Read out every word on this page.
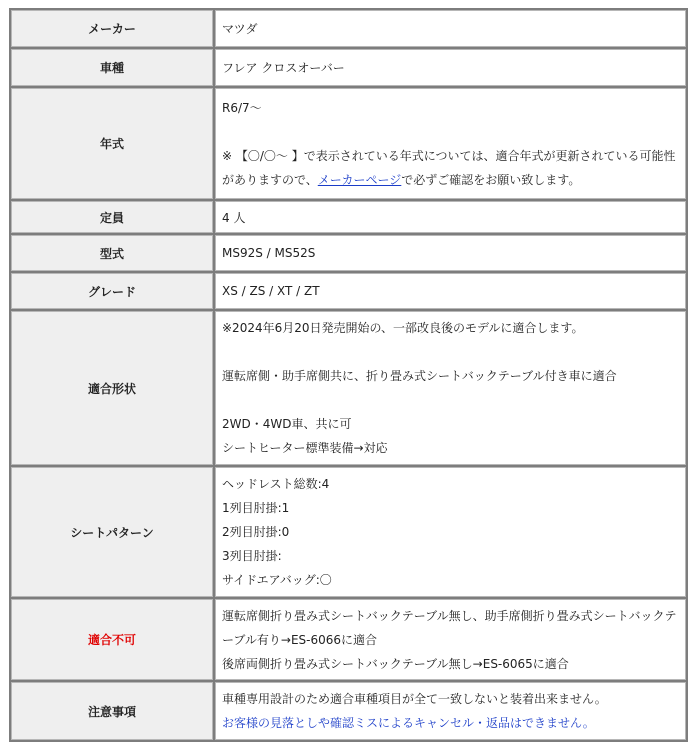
メーカー	マツダ
車種	フレア クロスオーバー
年式	R6/7～
※ 【〇/〇～ 】で表示されている年式については、適合年式が更新されている可能性がありますので、メーカーページで必ずご確認をお願い致します。

定員	4 人
型式	MS92S / MS52S
グレード	XS / ZS / XT / ZT
適合形状	※2024年6月20日発売開始の、一部改良後のモデルに適合します。
運転席側・助手席側共に、折り畳み式シートバックテーブル付き車に適合
2WD・4WD車、共に可
シートヒーター標準装備→対応

シートパターン	ヘッドレスト総数:4
1列目肘掛:1
2列目肘掛:0
3列目肘掛:
サイドエアバッグ:〇

適合不可	運転席側折り畳み式シートバックテーブル無し、助手席側折り畳み式シートバックテーブル有り→ES-6066に適合
後席両側折り畳み式シートバックテーブル無し→ES-6065に適合

注意事項	車種専用設計のため適合車種項目が全て一致しないと装着出来ません。
お客様の見落としや確認ミスによるキャンセル・返品はできません。
